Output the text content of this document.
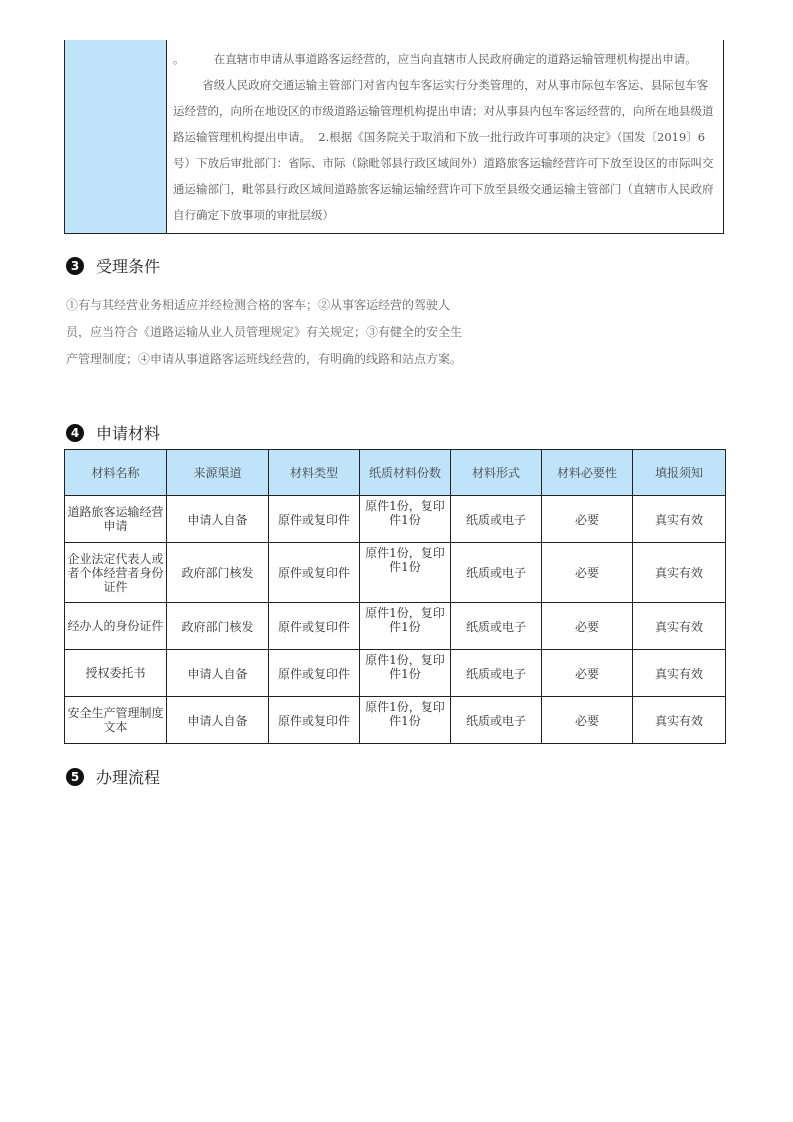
。        在直辖市申请从事道路客运经营的，应当向直辖市人民政府确定的道路运输管理机构提出申请。

省级人民政府交通运输主管部门对省内包车客运实行分类管理的，对从事市际包车客运、县际包车客运经营的，向所在地设区的市级道路运输管理机构提出申请；对从事县内包车客运经营的，向所在地县级道路运输管理机构提出申请。  2.根据《国务院关于取消和下放一批行政许可事项的决定》（国发〔2019〕6号）下放后审批部门：省际、市际（除毗邻县行政区域间外）道路旅客运输经营许可下放至设区的市际叫交通运输部门，毗邻县行政区域间道路旅客运输运输经营许可下放至县级交通运输主管部门（直辖市人民政府自行确定下放事项的审批层级）

3	受理条件
①有与其经营业务相适应并经检测合格的客车；②从事客运经营的驾驶人员，应当符合《道路运输从业人员管理规定》有关规定；③有健全的安全生产管理制度；④申请从事道路客运班线经营的，有明确的线路和站点方案。
4	申请材料
材料名称	来源渠道	材料类型	纸质材料份数	材料形式	材料必要性	填报须知
道路旅客运输经营申请	申请人自备	原件或复印件	原件1份，复印件1份	纸质或电子	必要	真实有效
企业法定代表人或者个体经营者身份证件	政府部门核发	原件或复印件	原件1份，复印件1份	纸质或电子	必要	真实有效
经办人的身份证件	政府部门核发	原件或复印件	原件1份，复印件1份	纸质或电子	必要	真实有效
授权委托书	申请人自备	原件或复印件	原件1份，复印件1份	纸质或电子	必要	真实有效
安全生产管理制度文本	申请人自备	原件或复印件	原件1份，复印件1份	纸质或电子	必要	真实有效
5	办理流程
